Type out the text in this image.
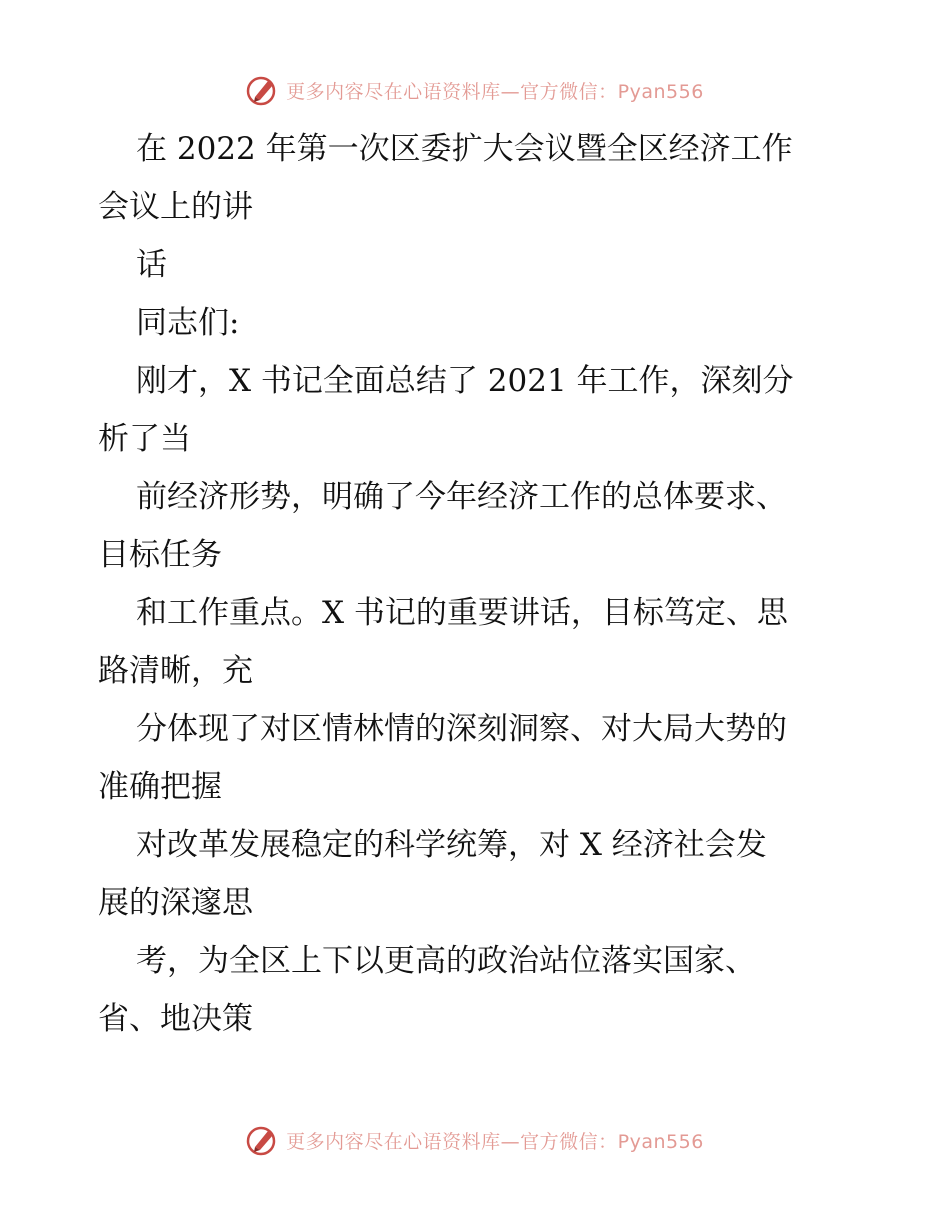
更多内容尽在心语资料库—官方微信：Pyan556
在 2022 年第一次区委扩大会议暨全区经济工作
会议上的讲
话
同志们:
刚才，X 书记全面总结了 2021 年工作，深刻分
析了当
前经济形势，明确了今年经济工作的总体要求、
目标任务
和工作重点。X 书记的重要讲话，目标笃定、思
路清晰，充
分体现了对区情林情的深刻洞察、对大局大势的
准确把握
对改革发展稳定的科学统筹，对 X 经济社会发
展的深邃思
考，为全区上下以更高的政治站位落实国家、
省、地决策
更多内容尽在心语资料库—官方微信：Pyan556
